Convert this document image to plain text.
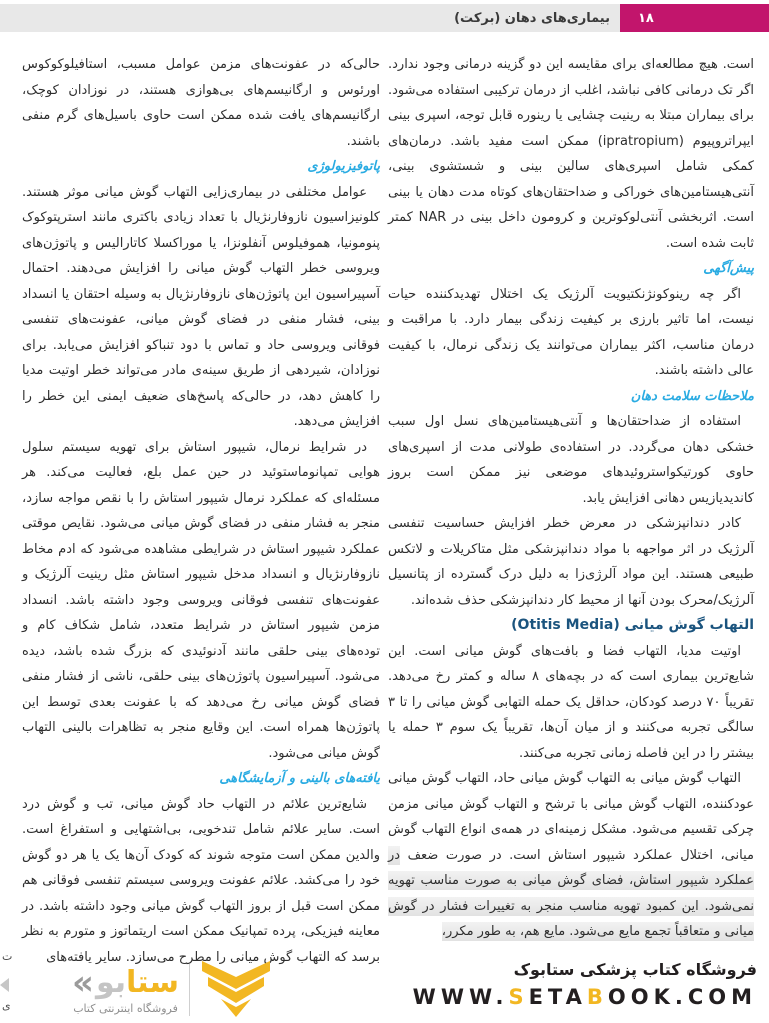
بیماری‌های دهان (برکت) ۱۸
است. هیچ مطالعه‌ای برای مقایسه این دو گزینه درمانی وجود ندارد. اگر تک درمانی کافی نباشد، اغلب از درمان ترکیبی استفاده می‌شود. برای بیماران مبتلا به رینیت چشایی یا رینوره قابل توجه، اسپری بینی ایپراتروپیوم (ipratropium) ممکن است مفید باشد. درمان‌های کمکی شامل اسپری‌های سالین بینی و شستشوی بینی، آنتی‌هیستامین‌های خوراکی و ضداحتقان‌های کوتاه مدت دهان یا بینی است. اثربخشی آنتی‌لوکوترین و کرومون داخل بینی در NAR کمتر ثابت شده است.
پیش‌آگهی
اگر چه رینوکونژنکتیویت آلرژیک یک اختلال تهدیدکننده حیات نیست، اما تاثیر بارزی بر کیفیت زندگی بیمار دارد. با مراقبت و درمان مناسب، اکثر بیماران می‌توانند یک زندگی نرمال، با کیفیت عالی داشته باشند.
ملاحظات سلامت دهان
استفاده از ضداحتقان‌ها و آنتی‌هیستامین‌های نسل اول سبب خشکی دهان می‌گردد. در استفاده‌ی طولانی مدت از اسپری‌های حاوی کورتیکواستروئیدهای موضعی نیز ممکن است بروز کاندیدیازیس دهانی افزایش یابد.
کادر دندانپزشکی در معرض خطر افزایش حساسیت تنفسی آلرژیک در اثر مواجهه با مواد دندانپزشکی مثل متاکریلات و لاتکس طبیعی هستند. این مواد آلرژی‌زا به دلیل درک گسترده از پتانسیل آلرژیک/محرک بودن آنها از محیط کار دندانپزشکی حذف شده‌اند.
التهاب گوش میانی (Otitis Media)
اوتیت مدیا، التهاب فضا و بافت‌های گوش میانی است. این شایع‌ترین بیماری است که در بچه‌های ۸ ساله و کمتر رخ می‌دهد. تقریباً ۷۰ درصد کودکان، حداقل یک حمله التهابی گوش میانی را تا ۳ سالگی تجربه می‌کنند و از میان آن‌ها، تقریباً یک سوم ۳ حمله یا بیشتر را در این فاصله زمانی تجربه می‌کنند.
التهاب گوش میانی به التهاب گوش میانی حاد، التهاب گوش میانی عودکننده، التهاب گوش میانی با ترشح و التهاب گوش میانی مزمن چرکی تقسیم می‌شود. مشکل زمینه‌ای در همه‌ی انواع التهاب گوش میانی، اختلال عملکرد شیپور استاش است. در صورت ضعف در عملکرد شیپور استاش، فضای گوش میانی به صورت مناسب تهویه نمی‌شود. این کمبود تهویه مناسب منجر به تغییرات فشار در گوش میانی و متعاقباً تجمع مایع می‌شود. مایع هم، به طور مکرر،
حالی‌که در عفونت‌های مزمن عوامل مسبب، استافیلوکوکوس اورئوس و ارگانیسم‌های بی‌هوازی هستند، در نوزادان کوچک، ارگانیسم‌های یافت شده ممکن است حاوی باسیل‌های گرم منفی باشند.
پاتوفیزیولوژی
عوامل مختلفی در بیماری‌زایی التهاب گوش میانی موثر هستند. کلونیزاسیون نازوفارنژیال با تعداد زیادی باکتری مانند استرپتوکوک پنومونیا، هموفیلوس آنفلونزا، یا موراکسلا کاتارالیس و پاتوژن‌های ویروسی خطر التهاب گوش میانی را افزایش می‌دهند. احتمال آسپیراسیون این پاتوژن‌های نازوفارنژیال به وسیله احتقان یا انسداد بینی، فشار منفی در فضای گوش میانی، عفونت‌های تنفسی فوقانی ویروسی حاد و تماس با دود تنباکو افزایش می‌یابد. برای نوزادان، شیردهی از طریق سینه‌ی مادر می‌تواند خطر اوتیت مدیا را کاهش دهد، در حالی‌که پاسخ‌های ضعیف ایمنی این خطر را افزایش می‌دهد.
در شرایط نرمال، شیپور استاش برای تهویه سیستم سلول هوایی تمپانوماستوئید در حین عمل بلع، فعالیت می‌کند. هر مسئله‌ای که عملکرد نرمال شیپور استاش را با نقص مواجه سازد، منجر به فشار منفی در فضای گوش میانی می‌شود. نقایص موقتی عملکرد شیپور استاش در شرایطی مشاهده می‌شود که ادم مخاط نازوفارنژیال و انسداد مدخل شیپور استاش مثل رینیت آلرژیک و عفونت‌های تنفسی فوقانی ویروسی وجود داشته باشد. انسداد مزمن شیپور استاش در شرایط متعدد، شامل شکاف کام و توده‌های بینی حلقی مانند آدنوئیدی که بزرگ شده باشد، دیده می‌شود. آسپیراسیون پاتوژن‌های بینی حلقی، ناشی از فشار منفی فضای گوش میانی رخ می‌دهد که با عفونت بعدی توسط این پاتوژن‌ها همراه است. این وقایع منجر به تظاهرات بالینی التهاب گوش میانی می‌شود.
یافته‌های بالینی و آزمایشگاهی
شایع‌ترین علائم در التهاب حاد گوش میانی، تب و گوش درد است. سایر علائم شامل تندخویی، بی‌اشتهایی و استفراغ است. والدین ممکن است متوجه شوند که کودک آن‌ها یک یا هر دو گوش خود را می‌کشد. علائم عفونت ویروسی سیستم تنفسی فوقانی هم ممکن است قبل از بروز التهاب گوش میانی وجود داشته باشد. در معاینه فیزیکی، پرده تمپانیک ممکن است اریتماتوز و متورم به نظر برسد که التهاب گوش میانی را مطرح می‌سازد. سایر یافته‌های
فروشگاه کتاب پزشکی ستابوک
WWW.SETABOOK.COM
«	ستابو
فروشگاه اینترنتی کتاب
ت
ی
